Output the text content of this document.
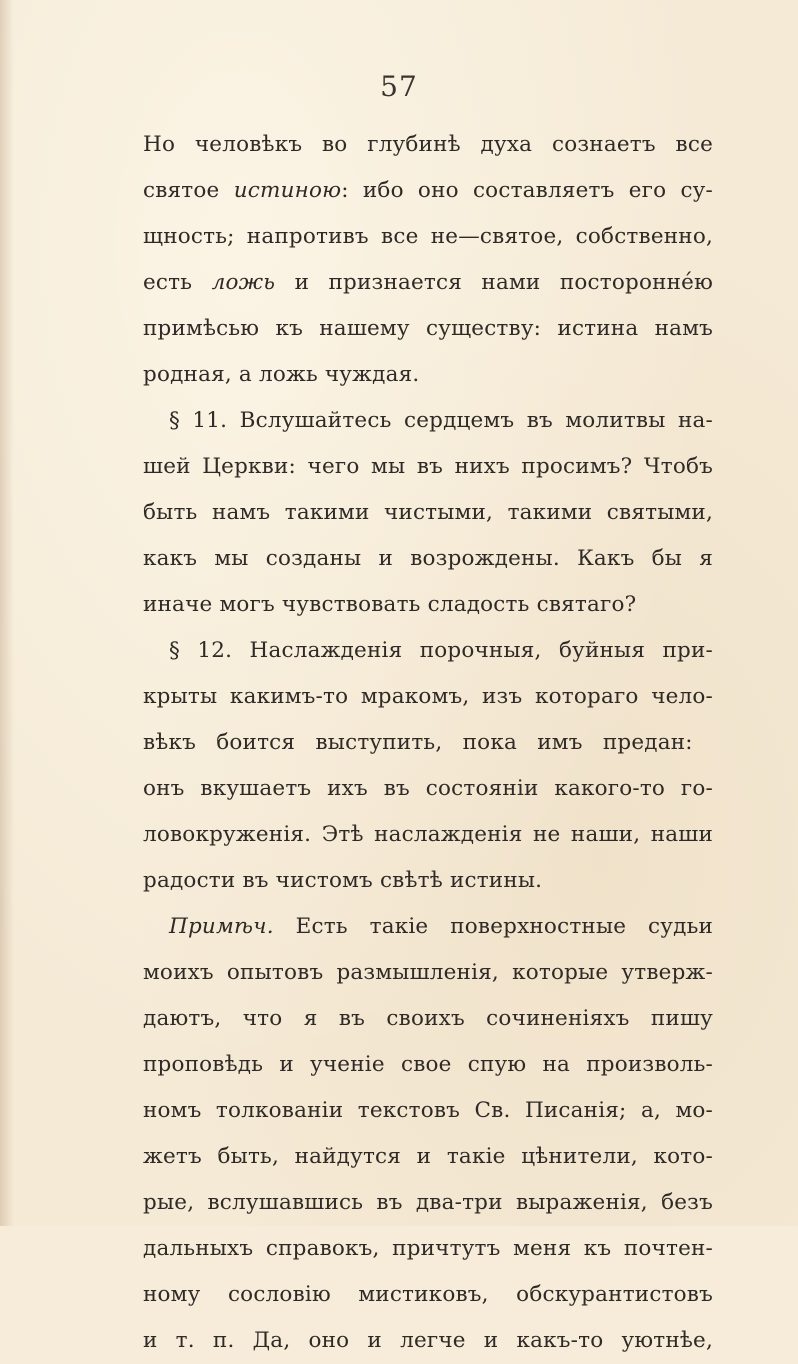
57
Но человѣкъ во глубинѣ духа сознаетъ все
святое истиною : ибо оно составляетъ его су-
щность; напротивъ все не—святое, собственно,
есть ложь и признается нами посторонне́ю
примѣсью къ нашему существу: истина намъ
родная, а ложь чуждая.
§ 11. Вслушайтесь сердцемъ въ молитвы на-
шей Церкви: чего мы въ нихъ просимъ? Чтобъ
быть намъ такими чистыми, такими святыми,
какъ мы созданы и возрождены. Какъ бы я
иначе могъ чувствовать сладость святаго?
§ 12. Наслажденія порочныя, буйныя при-
крыты какимъ-то мракомъ, изъ котораго чело-
вѣкъ боится выступить, пока имъ предан:
онъ вкушаетъ ихъ въ состояніи какого-то го-
ловокруженія. Этѣ наслажденія не наши, наши
радости въ чистомъ свѣтѣ истины.
Примѣч. Есть такіе поверхностные судьи
моихъ опытовъ размышленія, которые утверж-
даютъ, что я въ своихъ сочиненіяхъ пишу
проповѣдь и ученіе свое спую на произволь-
номъ толкованіи текстовъ Св. Писанія; а, мо-
жетъ быть, найдутся и такіе цѣнители, кото-
рые, вслушавшись въ два-три выраженія, безъ
дальныхъ справокъ, причтутъ меня къ почтен-
ному сословію мистиковъ, обскурантистовъ
и т. п. Да, оно и легче и какъ-то уютнѣе,
